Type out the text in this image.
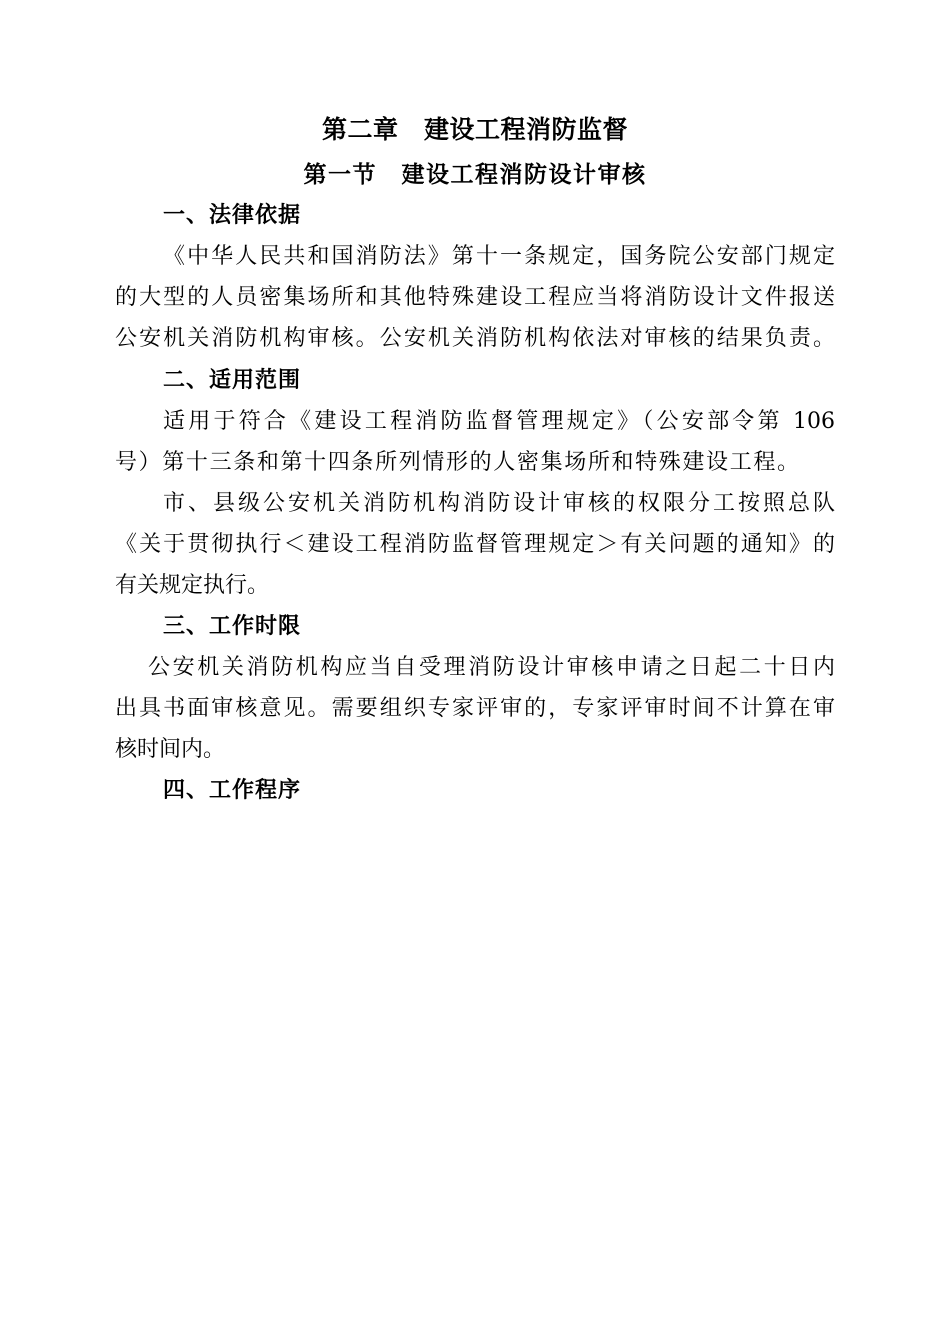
第二章　建设工程消防监督
第一节　建设工程消防设计审核
一、法律依据
《中华人民共和国消防法》第十一条规定，国务院公安部门规定
的大型的人员密集场所和其他特殊建设工程应当将消防设计文件报送
公安机关消防机构审核。公安机关消防机构依法对审核的结果负责。
二、适用范围
适用于符合《建设工程消防监督管理规定》（公安部令第 106
号）第十三条和第十四条所列情形的人密集场所和特殊建设工程。
市、县级公安机关消防机构消防设计审核的权限分工按照总队
《关于贯彻执行＜建设工程消防监督管理规定＞有关问题的通知》的
有关规定执行。
三、工作时限
公安机关消防机构应当自受理消防设计审核申请之日起二十日内
出具书面审核意见。需要组织专家评审的，专家评审时间不计算在审
核时间内。
四、工作程序
